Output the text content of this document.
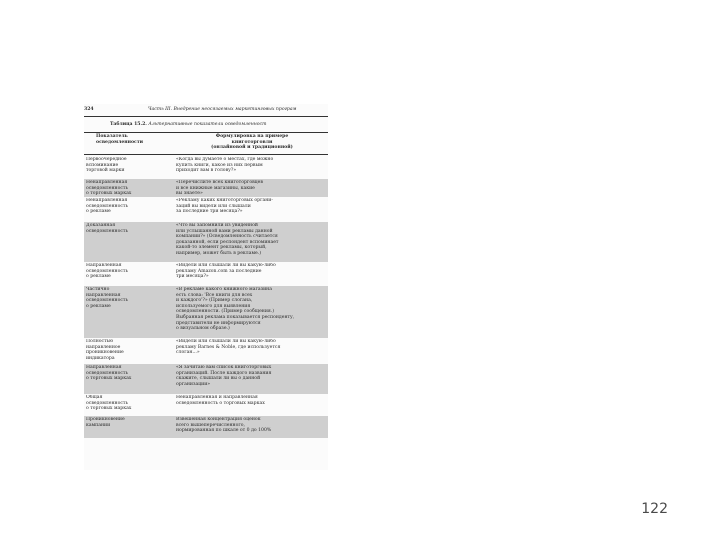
324	Часть III. Внедрение неосязаемых маркетинговых програм
Таблица 15.2. Альтернативные показатели осведомленност
Показатель
осведомленности
Формулировка на примере
книготорговли
(онлайновой и традиционной)
Первоочередное
вспоминание
торговой марки
«Когда вы думаете о местах, где можно
купить книги, какое из них первым
приходит вам в голову?»
Ненаправленная
осведомленность
о торговых марках
«Перечислите всех книготорговцев
и все книжные магазины, какие
вы знаете»
Ненаправленная
осведомленность
о рекламе
«Рекламу каких книготорговых органи-
заций вы видели или слышали
за последние три месяца?»
Доказанная
осведомленность
«Что вы запомнили из увиденной
или услышанной вами рекламы данной
компании?» (Осведомленность считается
доказанной, если респондент вспоминает
какой-то элемент рекламы, который,
например, может быть в рекламе.)
Направленная
осведомленность
о рекламе
«Видели или слышали ли вы какую-либо
рекламу Amazon.com за последние
три месяца?»
Частично
направленная
осведомленность
о рекламе
«В рекламе какого книжного магазина
есть слова: 'Все книги для всех
и каждого'?» (Пример слогана,
используемого для выявления
осведомленности. (Пример сообщения.)
Выбранная реклама показывается респонденту,
представители не информируются
о визуальном образе.)
Полностью
направленное
проникновение
индикатора
«Видели или слышали ли вы какую-либо
рекламу Barnes & Noble, где используется
слоган...»
Направленная
осведомленность
о торговых марках
«Я зачитаю вам список книготорговых
организаций. После каждого названия
скажите, слышали ли вы о данной
организации»
Общая
осведомленность
о торговых марках
Ненаправленная и направленная
осведомленность о торговых марках
Проникновение
кампании
Взвешенная концентрация оценок
всего вышеперечисленного,
нормированная по шкале от 0 до 100%
122
